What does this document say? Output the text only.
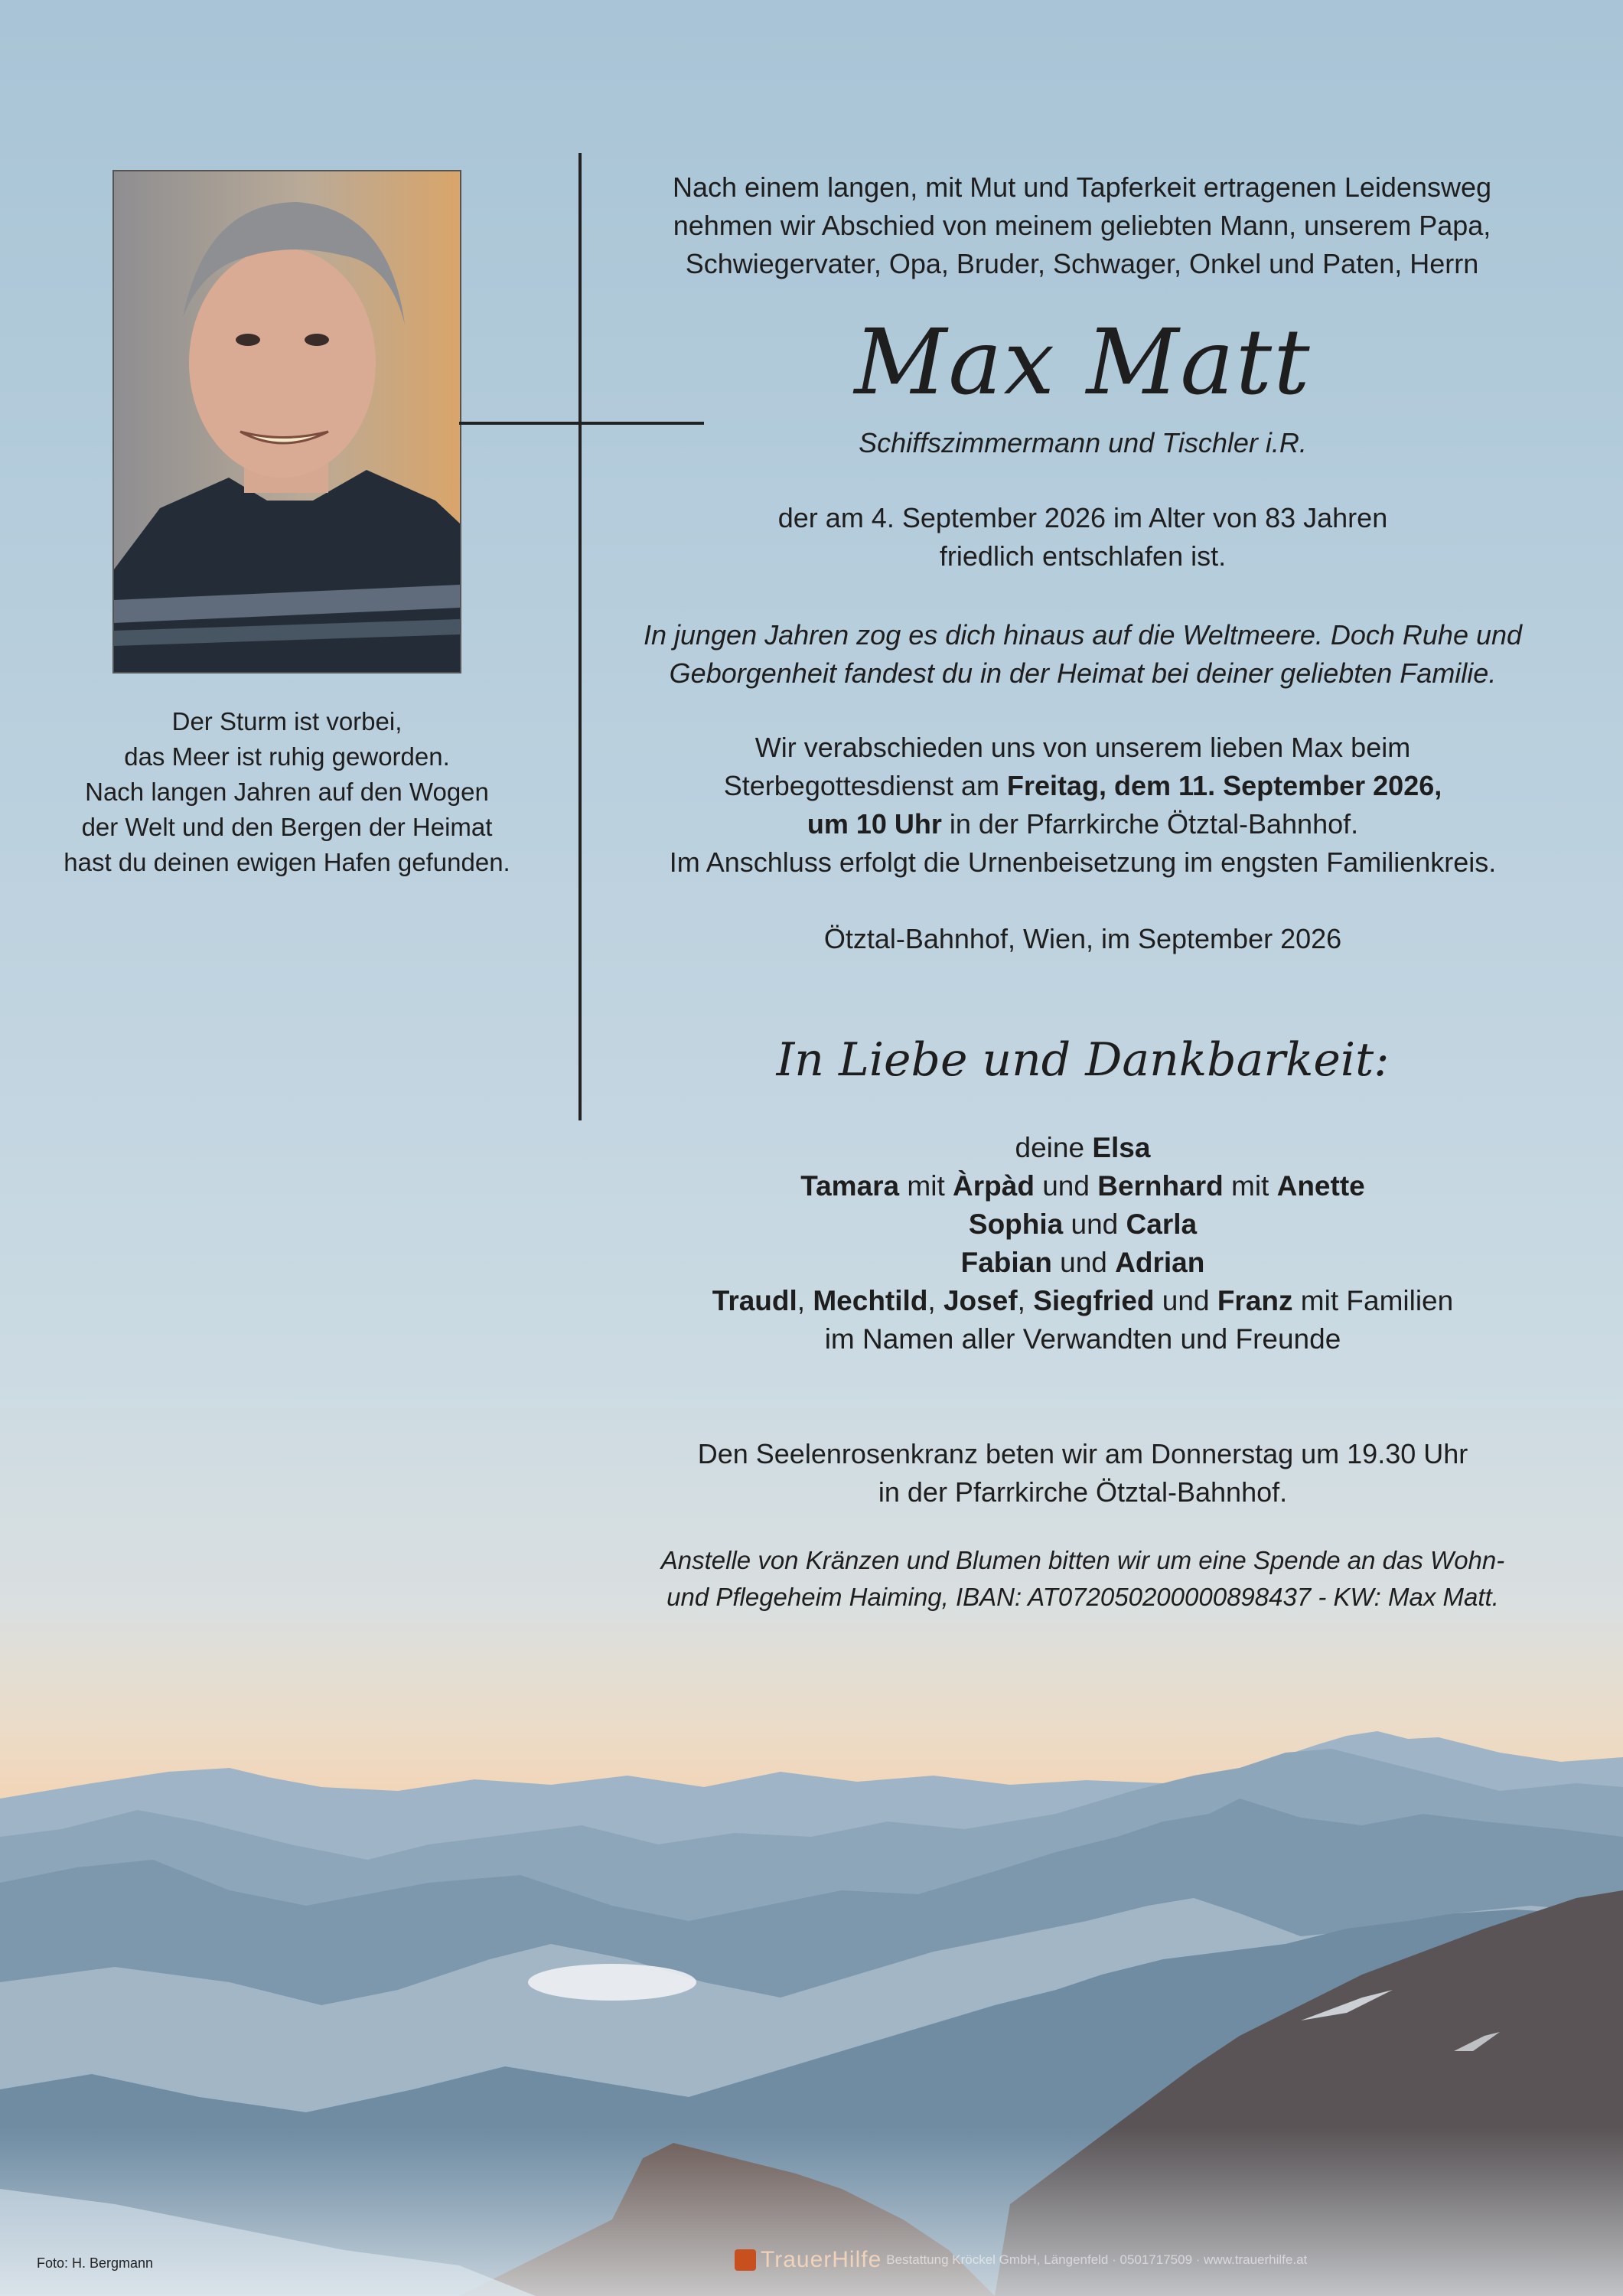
Der Sturm ist vorbei,
das Meer ist ruhig geworden.
Nach langen Jahren auf den Wogen
der Welt und den Bergen der Heimat
hast du deinen ewigen Hafen gefunden.
Nach einem langen, mit Mut und Tapferkeit ertragenen Leidensweg
nehmen wir Abschied von meinem geliebten Mann, unserem Papa,
Schwiegervater, Opa, Bruder, Schwager, Onkel und Paten, Herrn
Max Matt
Schiffszimmermann und Tischler i.R.
der am 4. September 2026 im Alter von 83 Jahren
friedlich entschlafen ist.
In jungen Jahren zog es dich hinaus auf die Weltmeere. Doch Ruhe und
Geborgenheit fandest du in der Heimat bei deiner geliebten Familie.
Wir verabschieden uns von unserem lieben Max beim
Sterbegottesdienst am Freitag, dem 11. September 2026,
um 10 Uhr in der Pfarrkirche Ötztal-Bahnhof.
Im Anschluss erfolgt die Urnenbeisetzung im engsten Familienkreis.
Ötztal-Bahnhof, Wien, im September 2026
In Liebe und Dankbarkeit:
deine Elsa
Tamara mit Àrpàd und Bernhard mit Anette
Sophia und Carla
Fabian und Adrian
Traudl, Mechtild, Josef, Siegfried und Franz mit Familien
im Namen aller Verwandten und Freunde
Den Seelenrosenkranz beten wir am Donnerstag um 19.30 Uhr
in der Pfarrkirche Ötztal-Bahnhof.
Anstelle von Kränzen und Blumen bitten wir um eine Spende an das Wohn-
und Pflegeheim Haiming, IBAN: AT072050200000898437 - KW: Max Matt.
Foto: H. Bergmann	TrauerHilfe Bestattung Kröckel GmbH, Längenfeld · 0501717509 · www.trauerhilfe.at
